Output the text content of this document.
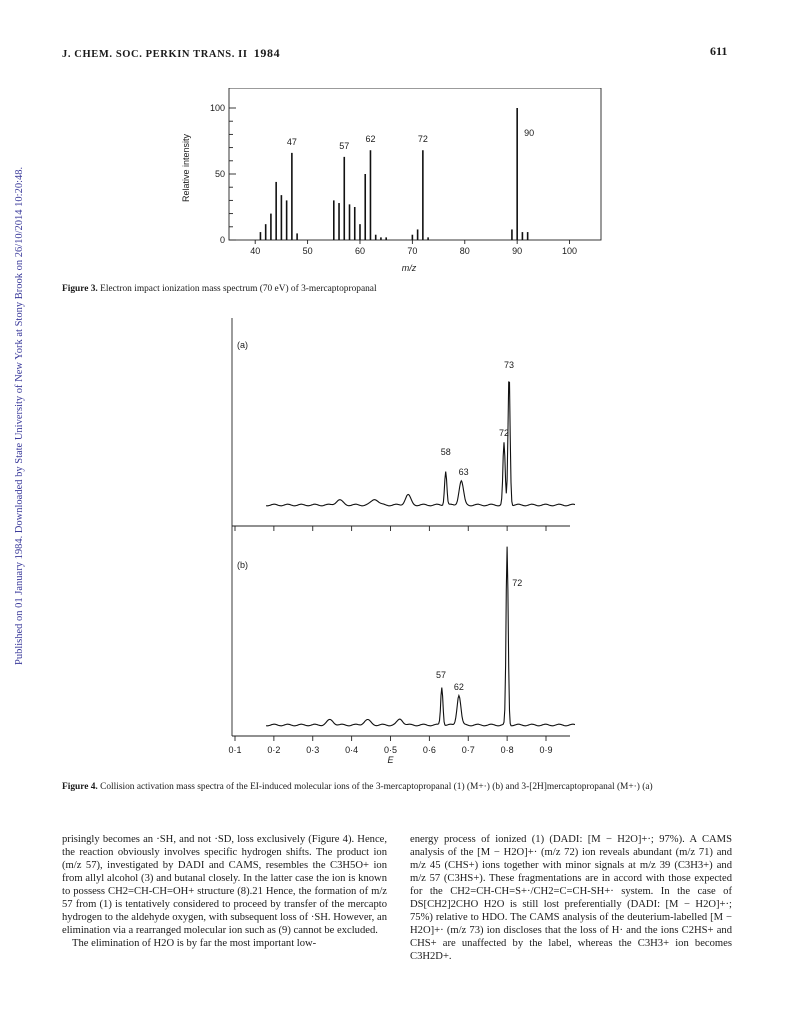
J. CHEM. SOC. PERKIN TRANS. II 1984	611
Published on 01 January 1984. Downloaded by State University of New York at Stony Brook on 26/10/2014 10:20:48.	0
50
100
40	50	60	70	80	90	100
m/z
Relative intensity	47	57
62	72
90
Figure 3. Electron impact ionization mass spectrum (70 eV) of 3-mercaptopropanal
0·1	0·2	0·3	0·4	0·5	0·6	0·7	0·8	0·9
E
(a)
58
63
72
73
(b)
57
62
72
Figure 4. Collision activation mass spectra of the EI-induced molecular ions of the 3-mercaptopropanal (1) (M+·) (b) and 3-[2H]mercaptopropanal (M+·) (a)

prisingly becomes an ·SH, and not ·SD, loss exclusively (Figure 4). Hence, the reaction obviously involves specific hydrogen shifts. The product ion (m/z 57), investigated by DADI and CAMS, resembles the C3H5O+ ion from allyl alcohol (3) and butanal closely. In the latter case the ion is known to possess CH2=CH-CH=OH+ structure (8).21 Hence, the formation of m/z 57 from (1) is tentatively considered to proceed by transfer of the mercapto hydrogen to the aldehyde oxygen, with subsequent loss of ·SH. However, an elimination via a rearranged molecular ion such as (9) cannot be excluded.

The elimination of H2O is by far the most important low-

energy process of ionized (1) (DADI: [M − H2O]+·; 97%). A CAMS analysis of the [M − H2O]+· (m/z 72) ion reveals abundant (m/z 71) and m/z 45 (CHS+) ions together with minor signals at m/z 39 (C3H3+) and m/z 57 (C3HS+). These fragmentations are in accord with those expected for the CH2=CH-CH=S+·/CH2=C=CH-SH+· system. In the case of DS[CH2]2CHO H2O is still lost preferentially (DADI: [M − H2O]+·; 75%) relative to HDO. The CAMS analysis of the deuterium-labelled [M − H2O]+· (m/z 73) ion discloses that the loss of H· and the ions C2HS+ and CHS+ are unaffected by the label, whereas the C3H3+ ion becomes C3H2D+.
